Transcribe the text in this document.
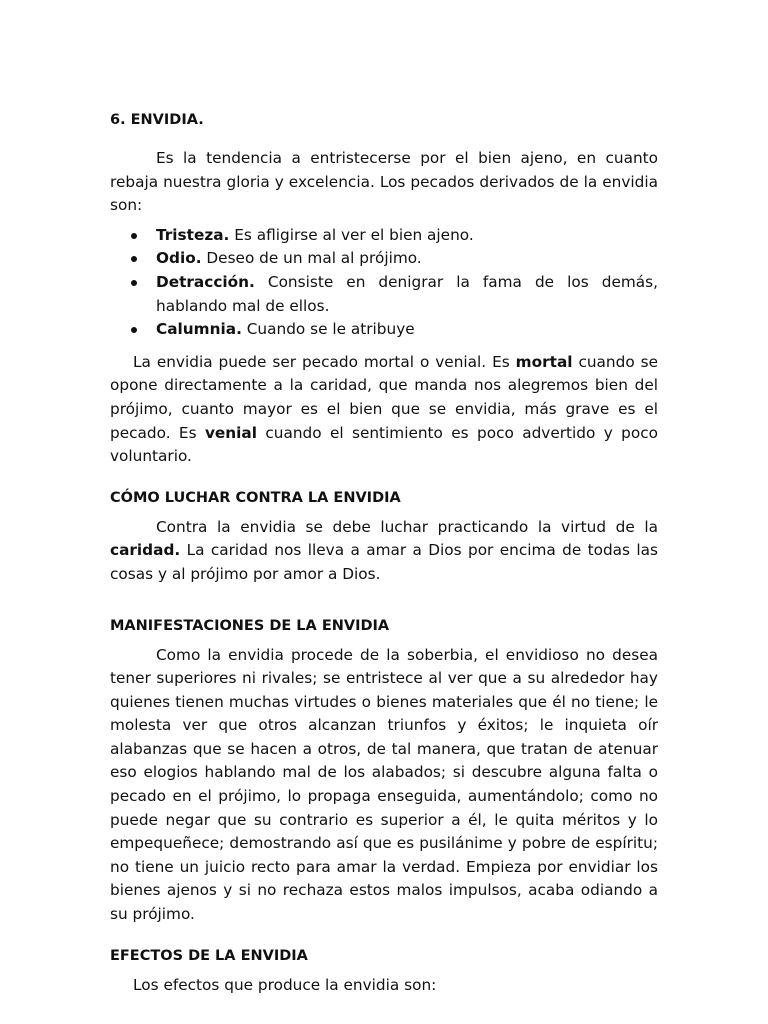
6. ENVIDIA.

Es la tendencia a entristecerse por el bien ajeno, en cuanto rebaja nuestra gloria y excelencia. Los pecados derivados de la envidia son:

Tristeza. Es afligirse al ver el bien ajeno.
Odio. Deseo de un mal al prójimo.
Detracción. Consiste en denigrar la fama de los demás, hablando mal de ellos.
Calumnia. Cuando se le atribuye

La envidia puede ser pecado mortal o venial. Es mortal cuando se opone directamente a la caridad, que manda nos alegremos bien del prójimo, cuanto mayor es el bien que se envidia, más grave es el pecado. Es venial cuando el sentimiento es poco advertido y poco voluntario.

CÓMO LUCHAR CONTRA LA ENVIDIA

Contra la envidia se debe luchar practicando la virtud de la caridad. La caridad nos lleva a amar a Dios por encima de todas las cosas y al prójimo por amor a Dios.

MANIFESTACIONES DE LA ENVIDIA

Como la envidia procede de la soberbia, el envidioso no desea tener superiores ni rivales; se entristece al ver que a su alrededor hay quienes tienen muchas virtudes o bienes materiales que él no tiene; le molesta ver que otros alcanzan triunfos y éxitos; le inquieta oír alabanzas que se hacen a otros, de tal manera, que tratan de atenuar eso elogios hablando mal de los alabados; si descubre alguna falta o pecado en el prójimo, lo propaga enseguida, aumentándolo; como no puede negar que su contrario es superior a él, le quita méritos y lo empequeñece; demostrando así que es pusilánime y pobre de espíritu; no tiene un juicio recto para amar la verdad. Empieza por envidiar los bienes ajenos y si no rechaza estos malos impulsos, acaba odiando a su prójimo.

EFECTOS DE LA ENVIDIA

Los efectos que produce la envidia son:
